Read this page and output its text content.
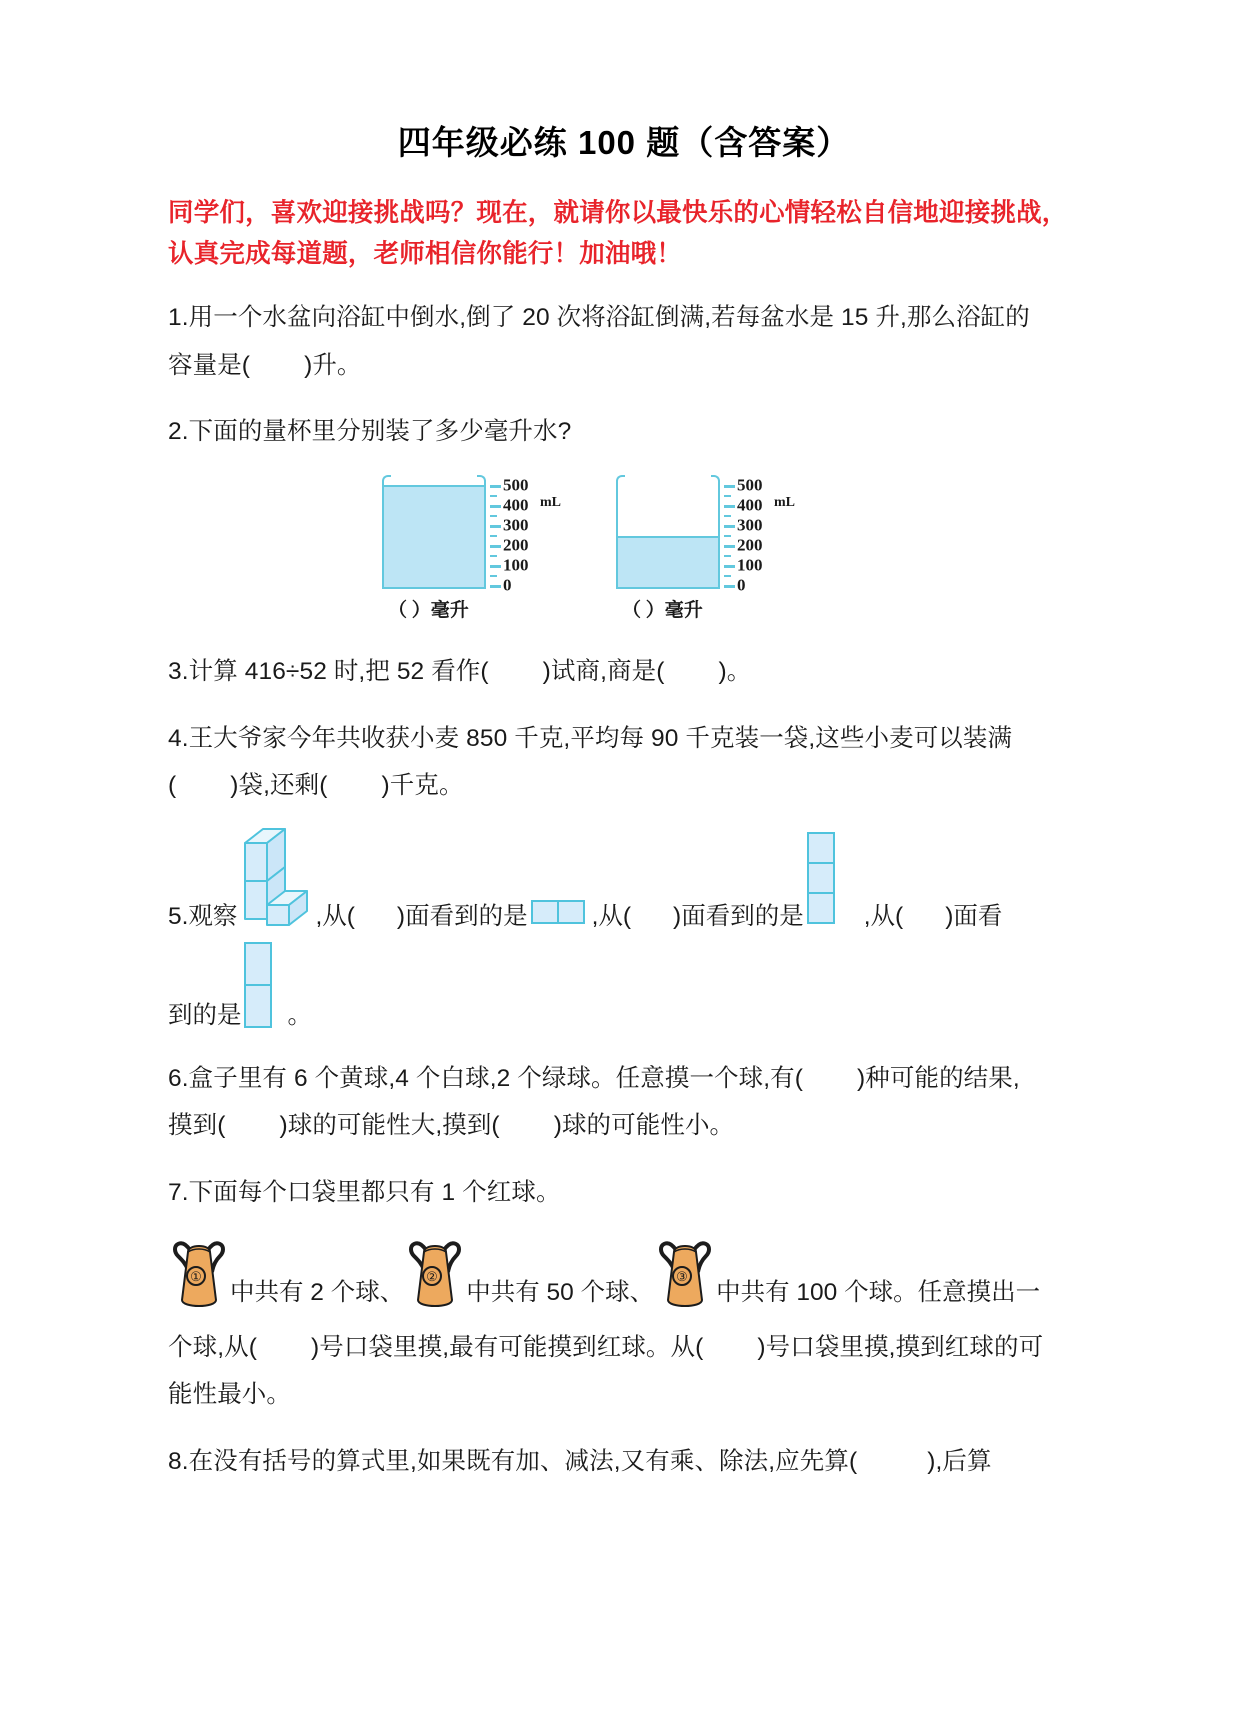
四年级必练 100 题（含答案）
同学们，喜欢迎接挑战吗？现在，就请你以最快乐的心情轻松自信地迎接挑战，
认真完成每道题，老师相信你能行！加油哦！
1.用一个水盆向浴缸中倒水,倒了 20 次将浴缸倒满,若每盆水是 15 升,那么浴缸的
容量是( )升。
2.下面的量杯里分别装了多少毫升水?
500
mL
400
300
200
100
0
（ ）毫升
500
mL
400
300
200
100
0
（ ）毫升
3.计算 416÷52 时,把 52 看作( )试商,商是( )。
4.王大爷家今年共收获小麦 850 千克,平均每 90 千克装一袋,这些小麦可以装满
( )袋,还剩( )千克。
5.观察	,从( )面看到的是	,从( )面看到的是 ,从( )面看
到的是 。
6.盒子里有 6 个黄球,4 个白球,2 个绿球。任意摸一个球,有( )种可能的结果,
摸到( )球的可能性大,摸到( )球的可能性小。
7.下面每个口袋里都只有 1 个红球。
①
中共有 2 个球、
②
中共有 50 个球、
③
中共有 100 个球。任意摸出一
个球,从( )号口袋里摸,最有可能摸到红球。从( )号口袋里摸,摸到红球的可
能性最小。
8.在没有括号的算式里,如果既有加、减法,又有乘、除法,应先算(	),后算
